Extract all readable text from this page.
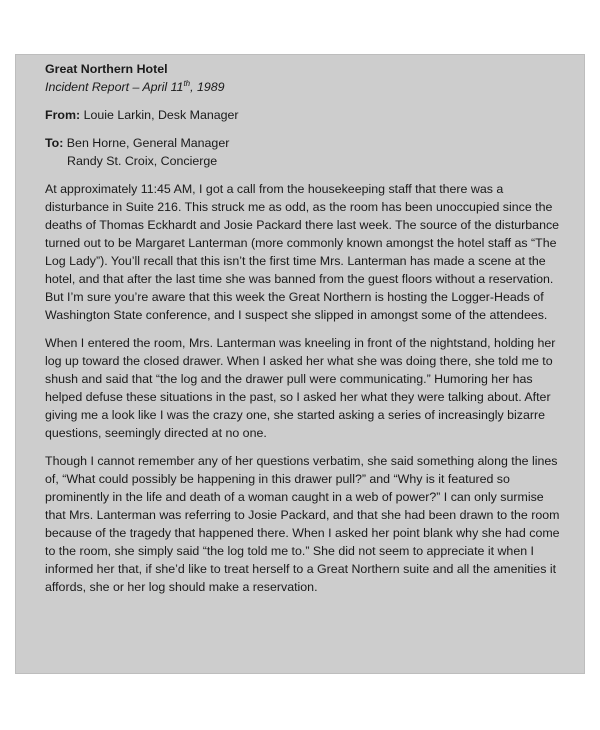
Great Northern Hotel
Incident Report – April 11th, 1989
From: Louie Larkin, Desk Manager
To: Ben Horne, General Manager
Randy St. Croix, Concierge

At approximately 11:45 AM, I got a call from the housekeeping staff that there was a disturbance in Suite 216. This struck me as odd, as the room has been unoccupied since the deaths of Thomas Eckhardt and Josie Packard there last week. The source of the disturbance turned out to be Margaret Lanterman (more commonly known amongst the hotel staff as “The Log Lady”). You’ll recall that this isn’t the first time Mrs. Lanterman has made a scene at the hotel, and that after the last time she was banned from the guest floors without a reservation. But I’m sure you’re aware that this week the Great Northern is hosting the Logger-Heads of Washington State conference, and I suspect she slipped in amongst some of the attendees.

When I entered the room, Mrs. Lanterman was kneeling in front of the nightstand, holding her log up toward the closed drawer. When I asked her what she was doing there, she told me to shush and said that “the log and the drawer pull were communicating.” Humoring her has helped defuse these situations in the past, so I asked her what they were talking about. After giving me a look like I was the crazy one, she started asking a series of increasingly bizarre questions, seemingly directed at no one.

Though I cannot remember any of her questions verbatim, she said something along the lines of, “What could possibly be happening in this drawer pull?” and “Why is it featured so prominently in the life and death of a woman caught in a web of power?” I can only surmise that Mrs. Lanterman was referring to Josie Packard, and that she had been drawn to the room because of the tragedy that happened there. When I asked her point blank why she had come to the room, she simply said “the log told me to.” She did not seem to appreciate it when I informed her that, if she’d like to treat herself to a Great Northern suite and all the amenities it affords, she or her log should make a reservation.
